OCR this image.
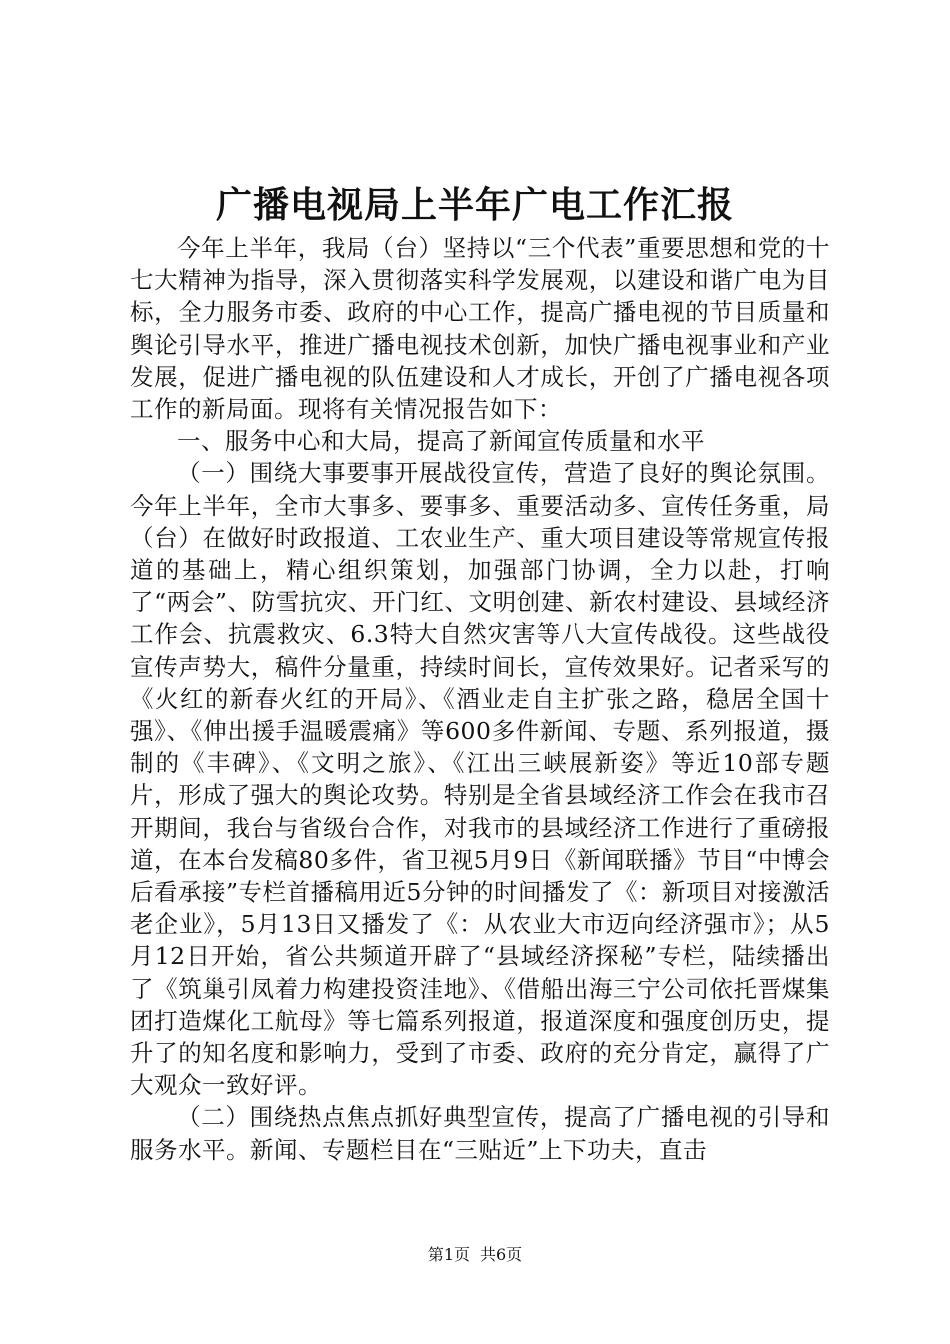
广播电视局上半年广电工作汇报

今年上半年，我局（台）坚持以“三个代表”重要思想和党的十七大精神为指导，深入贯彻落实科学发展观，以建设和谐广电为目标，全力服务市委、政府的中心工作，提高广播电视的节目质量和舆论引导水平，推进广播电视技术创新，加快广播电视事业和产业发展，促进广播电视的队伍建设和人才成长，开创了广播电视各项工作的新局面。现将有关情况报告如下：

一、服务中心和大局，提高了新闻宣传质量和水平

（一）围绕大事要事开展战役宣传，营造了良好的舆论氛围。今年上半年，全市大事多、要事多、重要活动多、宣传任务重，局（台）在做好时政报道、工农业生产、重大项目建设等常规宣传报道的基础上，精心组织策划，加强部门协调，全力以赴，打响了“两会”、防雪抗灾、开门红、文明创建、新农村建设、县域经济工作会、抗震救灾、6.3特大自然灾害等八大宣传战役。这些战役宣传声势大，稿件分量重，持续时间长，宣传效果好。记者采写的《火红的新春火红的开局》、《酒业走自主扩张之路，稳居全国十强》、《伸出援手温暖震痛》等600多件新闻、专题、系列报道，摄制的《丰碑》、《文明之旅》、《江出三峡展新姿》等近10部专题片，形成了强大的舆论攻势。特别是全省县域经济工作会在我市召开期间，我台与省级台合作，对我市的县域经济工作进行了重磅报道，在本台发稿80多件，省卫视5月9日《新闻联播》节目“中博会后看承接”专栏首播稿用近5分钟的时间播发了《：新项目对接激活老企业》，5月13日又播发了《：从农业大市迈向经济强市》；从5月12日开始，省公共频道开辟了“县域经济探秘”专栏，陆续播出了《筑巢引凤着力构建投资洼地》、《借船出海三宁公司依托晋煤集团打造煤化工航母》等七篇系列报道，报道深度和强度创历史，提升了的知名度和影响力，受到了市委、政府的充分肯定，赢得了广大观众一致好评。

（二）围绕热点焦点抓好典型宣传，提高了广播电视的引导和服务水平。新闻、专题栏目在“三贴近”上下功夫，直击

第1页 共6页
